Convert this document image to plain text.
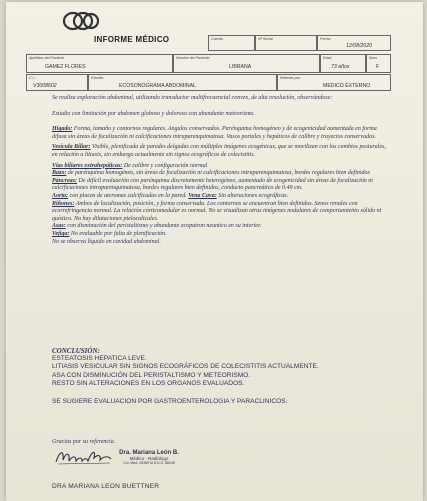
INFORME MÉDICO	Cuenta	Nº Social	Fecha:
12/08/2020
Apellidos del Paciente
GAMEZ FLORES
Nombre del Paciente
LIBRANA
Edad
73 años
Sexo
F
C.I.:
V3008602
Estudio:
ECOSONOGRAMA ABDOMINAL
Referido por:
MEDICO EXTERNO

Se realiza exploración abdominal, utilizando transductor multifrecuencial convex, de alta resolución, observándose:

Estudio con limitación por abdomen globoso y doloroso con abundante meteorismo.

Hígado: Forma, tamaño y contornos regulares. Angulos conservados. Parénquima homogéneo y de ecogenicidad aumentada en forma difusa sin áreas de focalización ni calcificaciones intraparenquimatosa. Vasos portales y hepáticos de calibre y trayectos conservados.

Vesícula Biliar: Visible, plenificada de paredes delgadas con múltiples imágenes ecogénicas, que se movilizan con los cambios posturales, en relación a litiasis, sin embargo actualmente sin signos ecográficos de colecistitis.

Vías biliares extrahepáticas: De calibre y configuración normal

Bazo: de parénquima homogéneo, sin áreas de focalización ni calcificaciones intraparenquimatosa, bordes regulares bien definidos

Páncreas: De difícil evaluación con parénquima discretamente heterogéneo, aumentado de ecogenicidad sin áreas de focalización ni calcificaciones intraparenquimatosa, bordes regulares bien definidos, conducto pancreático de 0.49 cm.

Aorta: con placas de ateromas calcificadas en la pared. Vena Cava: Sin alteraciones ecográficas.

Riñones: Ambos de localización, posición, y forma conservada. Los contornos se encuentran bien definidos. Senos renales con ecorrefringencia normal. La relación córticomedular es normal. No se visualizan otras imágenes nodulares de comportamiento sólido ni quístico. No hay dilataciones pielocalicales.

Asas: con disminución del peristaltismo y abundante ecopatron neumico en su interior.

Vejiga: No evaluable por falta de plenificación.

No se observa líquido en cavidad abdominal.

CONCLUSIÓN:
ESTEATOSIS HEPATICA LEVE.
LITIASIS VESICULAR SIN SIGNOS ECOGRÁFICOS DE COLECISTITIS ACTUALMENTE.
ASA CON DISMINUCIÓN DEL PERISTALTISMO Y METEORISMO.
RESTO SIN ALTERACIONES EN LOS ORGANOS EVALUADOS.
SE SUGIERE EVALUACION POR GASTROENTEROLOGIA Y PARACLINICOS.
Gracias por su referencia.
Dra. Mariana León B.
Médico - Radiólogo
Col. Med. 25369 M.S.D.S. 88108
DRA MARIANA LEON BUETTNER
